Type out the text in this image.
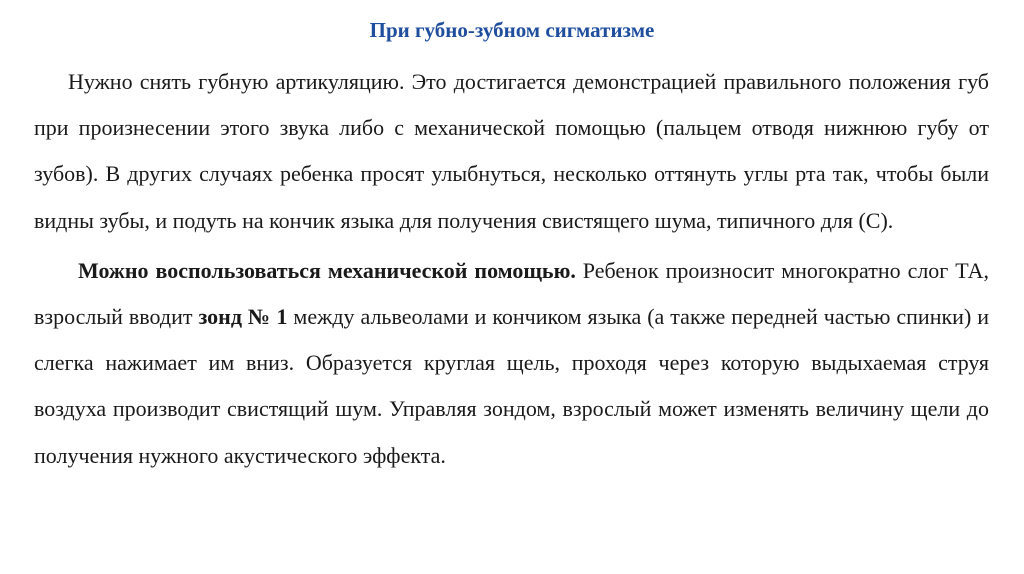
При губно-зубном сигматизме

Нужно снять губную артикуляцию. Это достигается демонстрацией правильного положения губ при произнесении этого звука либо с механической помощью (пальцем отводя нижнюю губу от зубов). В других случаях ребенка просят улыбнуться, несколько оттянуть углы рта так, чтобы были видны зубы, и подуть на кончик языка для получения свистящего шума, типичного для (С).

Можно воспользоваться механической помощью. Ребенок произносит многократно слог ТА, взрослый вводит зонд № 1 между альвеолами и кончиком языка (а также передней частью спинки) и слегка нажимает им вниз. Образуется круглая щель, проходя через которую выдыхаемая струя воздуха производит свистящий шум. Управляя зондом, взрослый может изменять величину щели до получения нужного акустического эффекта.
